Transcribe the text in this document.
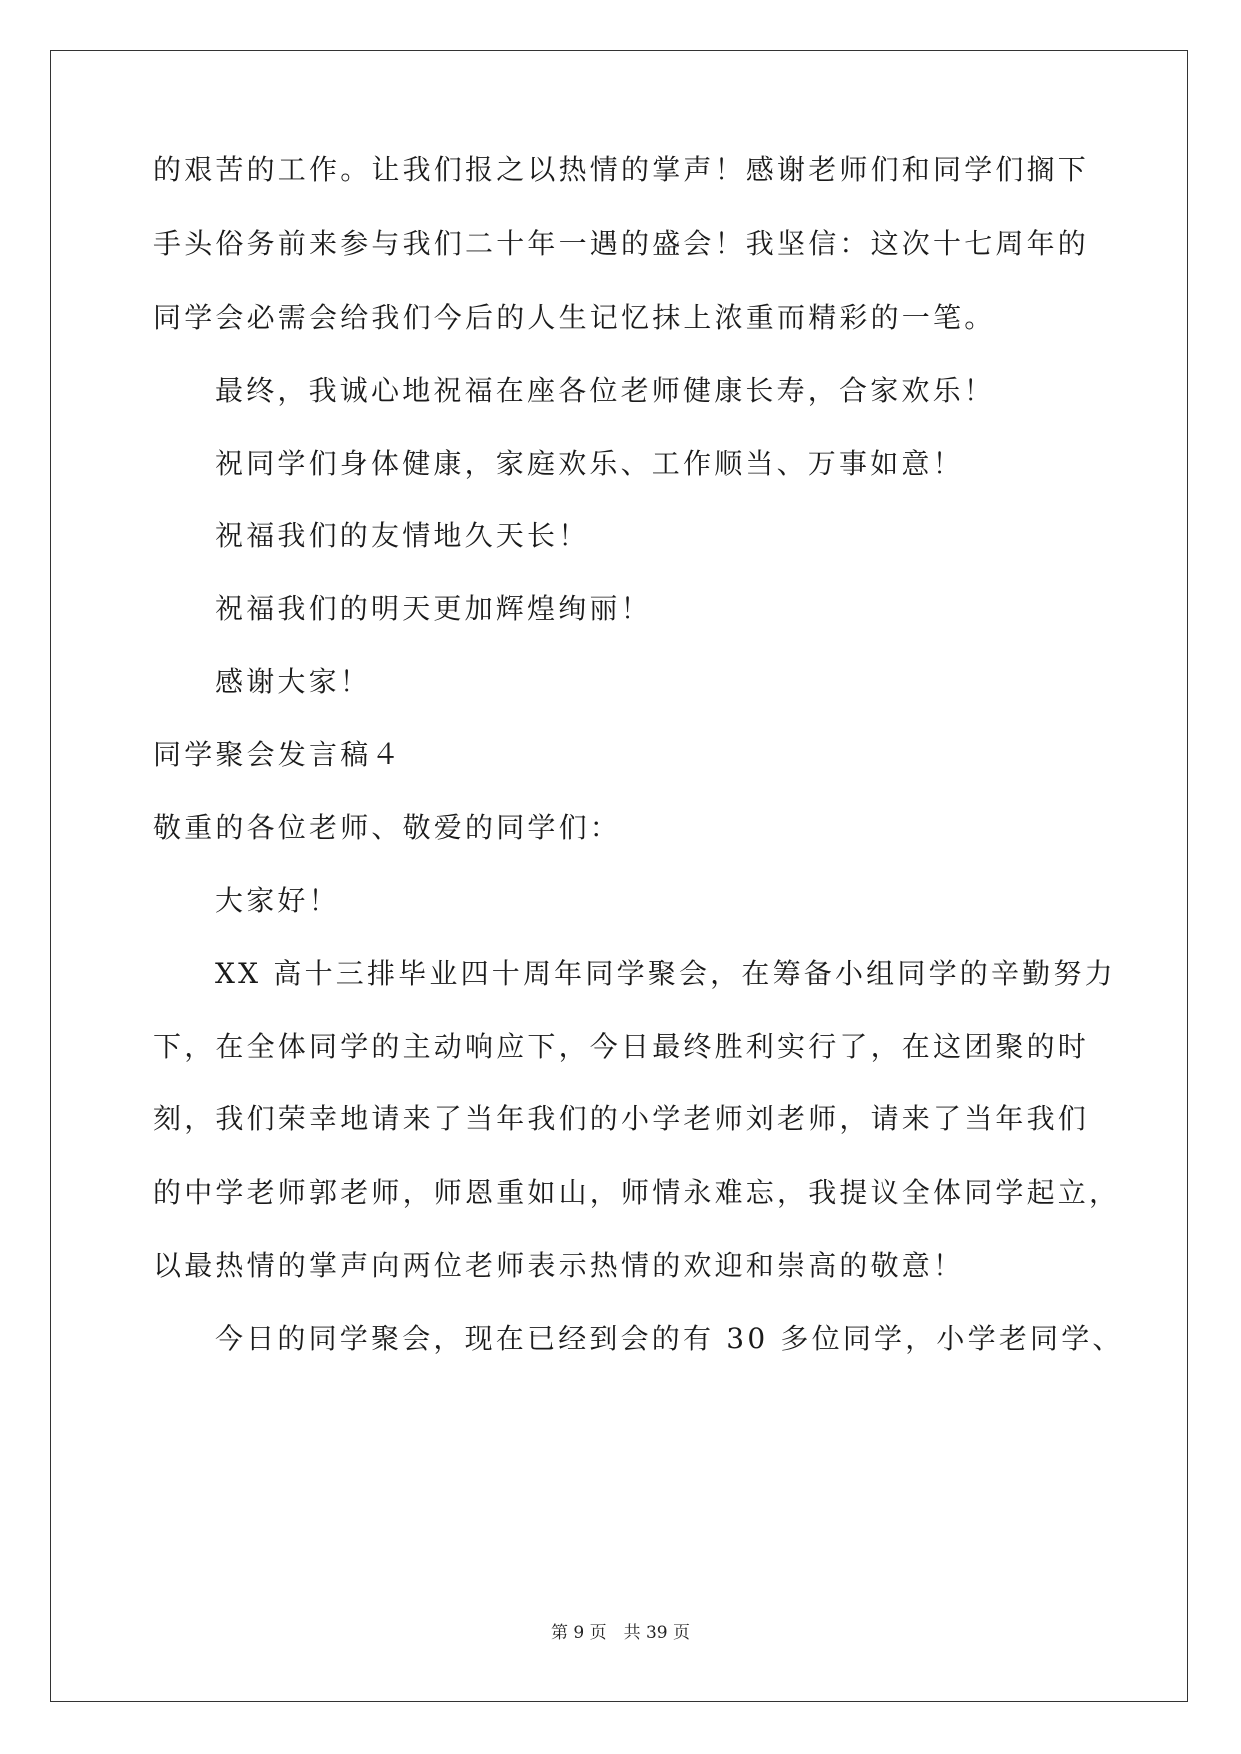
的艰苦的工作。让我们报之以热情的掌声！感谢老师们和同学们搁下
手头俗务前来参与我们二十年一遇的盛会！我坚信：这次十七周年的
同学会必需会给我们今后的人生记忆抹上浓重而精彩的一笔。
最终，我诚心地祝福在座各位老师健康长寿，合家欢乐！
祝同学们身体健康，家庭欢乐、工作顺当、万事如意！
祝福我们的友情地久天长！
祝福我们的明天更加辉煌绚丽！
感谢大家！
同学聚会发言稿４
敬重的各位老师、敬爱的同学们：
大家好！
XX 高十三排毕业四十周年同学聚会，在筹备小组同学的辛勤努力
下，在全体同学的主动响应下，今日最终胜利实行了，在这团聚的时
刻，我们荣幸地请来了当年我们的小学老师刘老师，请来了当年我们
的中学老师郭老师，师恩重如山，师情永难忘，我提议全体同学起立，
以最热情的掌声向两位老师表示热情的欢迎和崇高的敬意！
今日的同学聚会，现在已经到会的有 30 多位同学，小学老同学、
第 9 页　共 39 页
